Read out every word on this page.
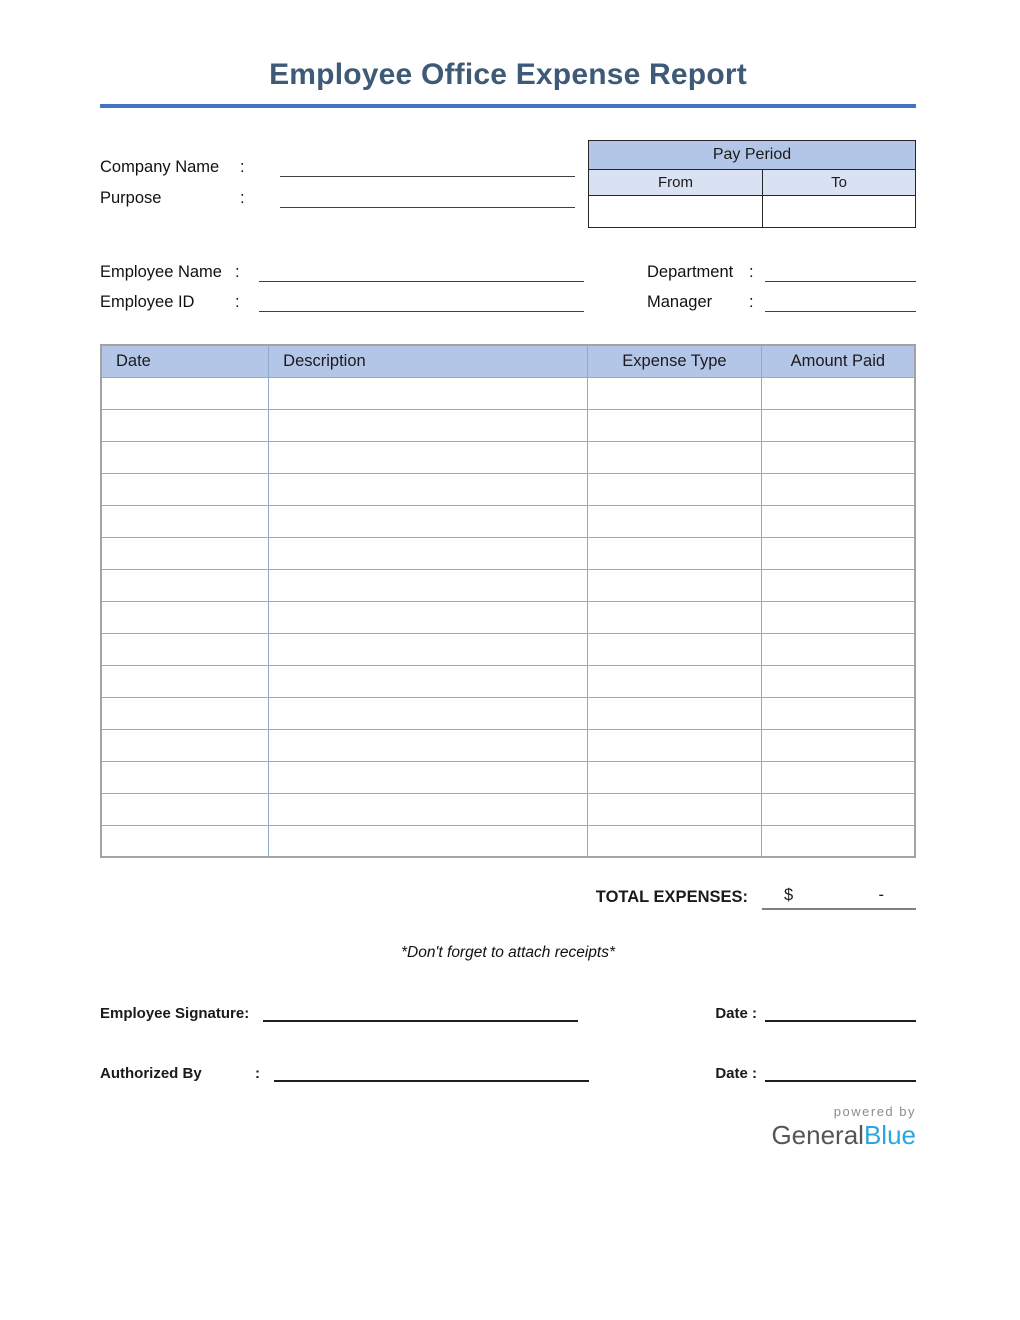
Employee Office Expense Report
Company Name	:
Purpose	:
Pay Period
From	To
Employee Name :
Employee ID	:
Department :
Manager	:
Date	Description	Expense Type	Amount Paid

TOTAL EXPENSES: $	-
*Don't forget to attach receipts*
Employee Signature:	Date :
Authorized By	:	Date :
powered by
GeneralBlue
